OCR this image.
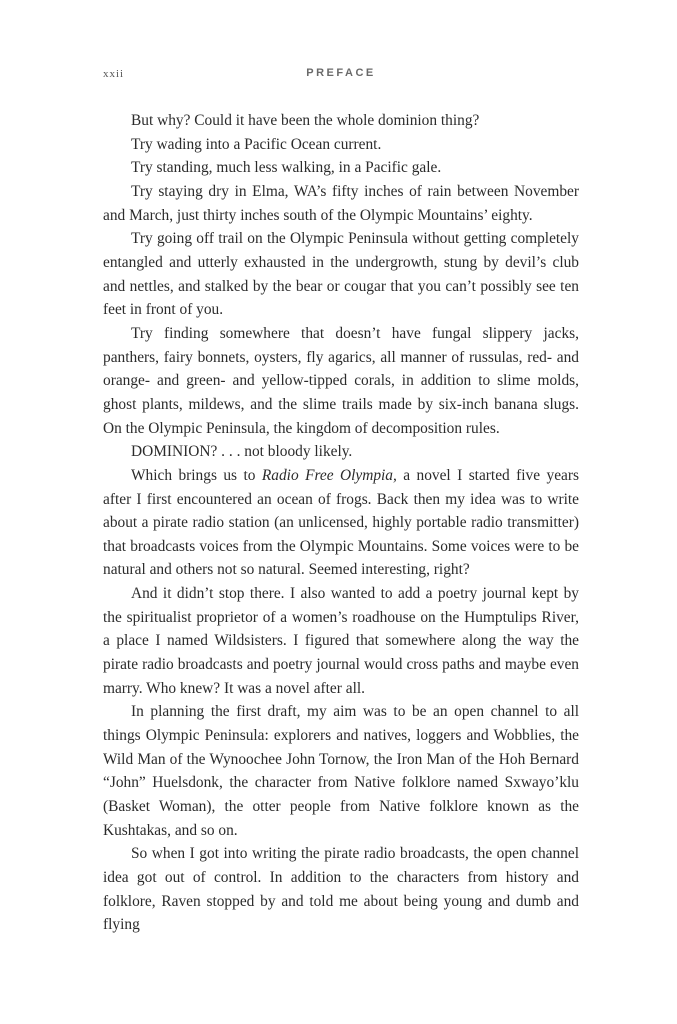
xxii	PREFACE

But why? Could it have been the whole dominion thing?

Try wading into a Pacific Ocean current.

Try standing, much less walking, in a Pacific gale.

Try staying dry in Elma, WA’s fifty inches of rain between November and March, just thirty inches south of the Olympic Mountains’ eighty.

Try going off trail on the Olympic Peninsula without getting completely entangled and utterly exhausted in the undergrowth, stung by devil’s club and nettles, and stalked by the bear or cougar that you can’t possibly see ten feet in front of you.

Try finding somewhere that doesn’t have fungal slippery jacks, panthers, fairy bonnets, oysters, fly agarics, all manner of russulas, red- and orange- and green- and yellow-tipped corals, in addition to slime molds, ghost plants, mildews, and the slime trails made by six-inch banana slugs. On the Olympic Peninsula, the kingdom of decomposition rules.

DOMINION? . . . not bloody likely.

Which brings us to Radio Free Olympia, a novel I started five years after I first encountered an ocean of frogs. Back then my idea was to write about a pirate radio station (an unlicensed, highly portable radio transmitter) that broadcasts voices from the Olympic Mountains. Some voices were to be natural and others not so natural. Seemed interesting, right?

And it didn’t stop there. I also wanted to add a poetry journal kept by the spiritualist proprietor of a women’s roadhouse on the Humptulips River, a place I named Wildsisters. I figured that somewhere along the way the pirate radio broadcasts and poetry journal would cross paths and maybe even marry. Who knew? It was a novel after all.

In planning the first draft, my aim was to be an open channel to all things Olympic Peninsula: explorers and natives, loggers and Wobblies, the Wild Man of the Wynoochee John Tornow, the Iron Man of the Hoh Bernard “John” Huelsdonk, the character from Native folklore named Sxwayo’klu (Basket Woman), the otter people from Native folklore known as the Kushtakas, and so on.

So when I got into writing the pirate radio broadcasts, the open channel idea got out of control. In addition to the characters from history and folklore, Raven stopped by and told me about being young and dumb and flying
